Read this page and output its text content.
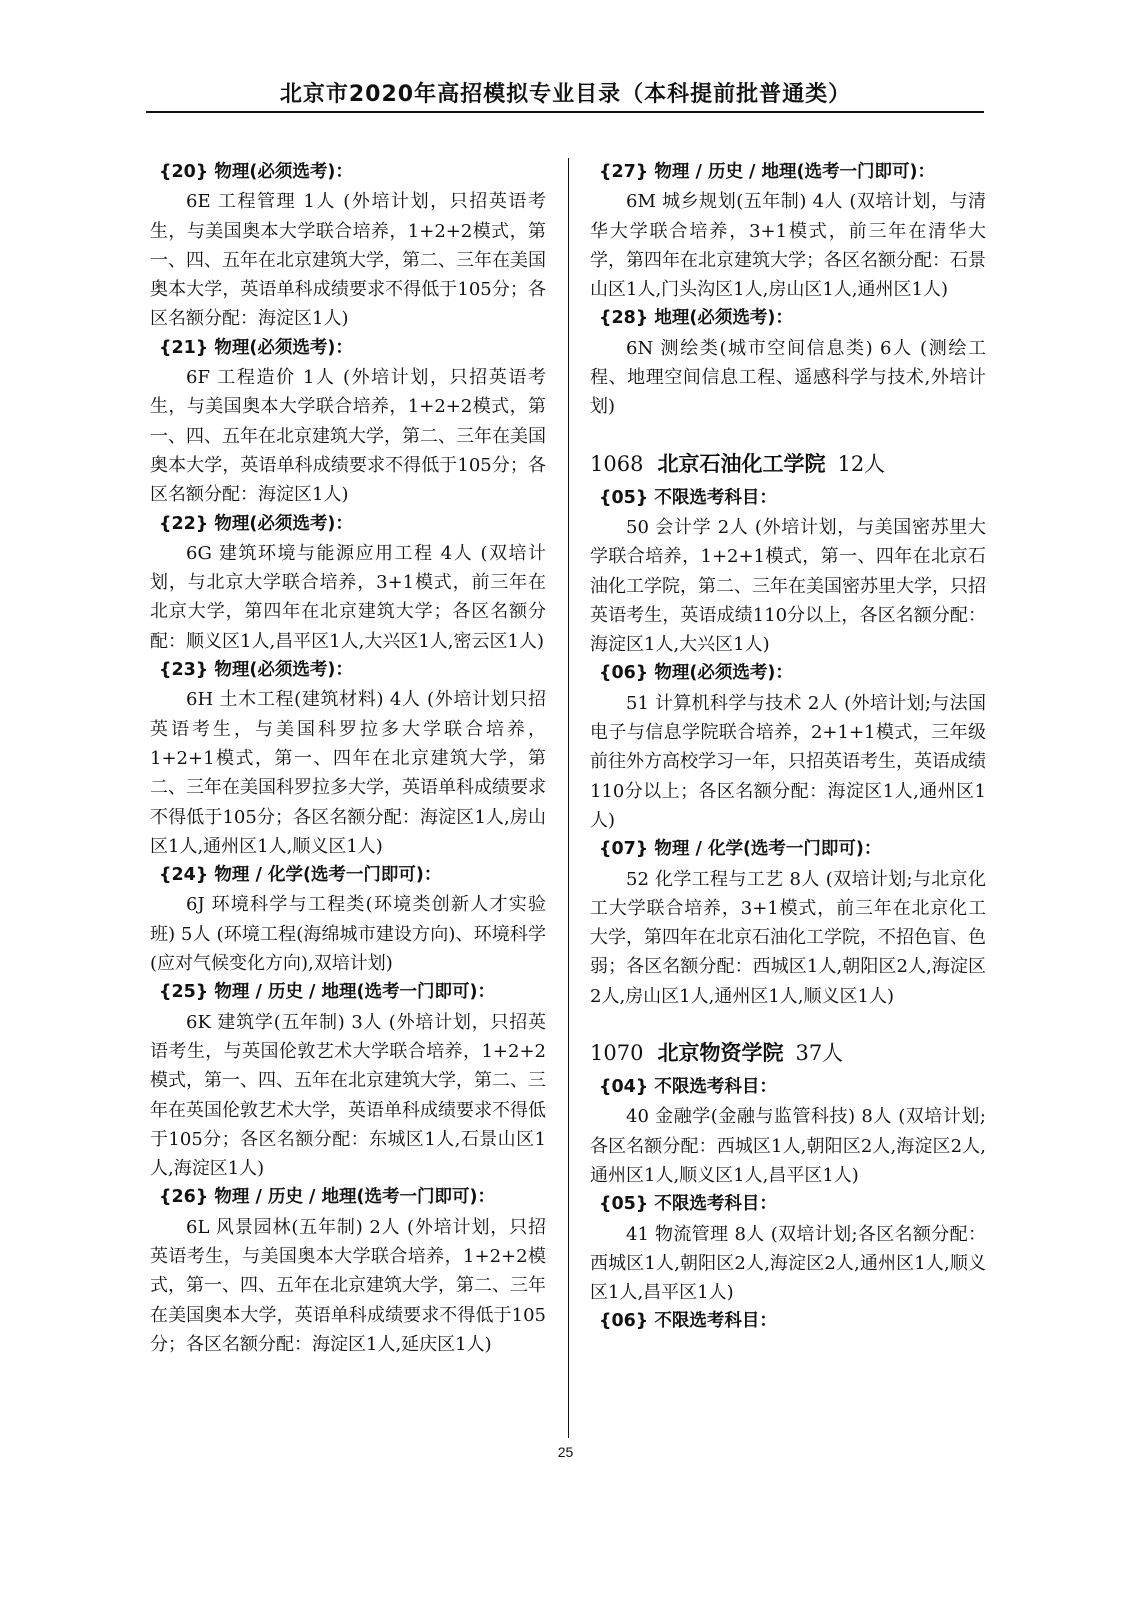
北京市2020年高招模拟专业目录（本科提前批普通类）
{20} 物理(必须选考)：
6E 工程管理 1人 (外培计划，只招英语考生，与美国奥本大学联合培养，1+2+2模式，第一、四、五年在北京建筑大学，第二、三年在美国奥本大学，英语单科成绩要求不得低于105分；各区名额分配：海淀区1人)
{21} 物理(必须选考)：
6F 工程造价 1人 (外培计划，只招英语考生，与美国奥本大学联合培养，1+2+2模式，第一、四、五年在北京建筑大学，第二、三年在美国奥本大学，英语单科成绩要求不得低于105分；各区名额分配：海淀区1人)
{22} 物理(必须选考)：
6G 建筑环境与能源应用工程 4人 (双培计划，与北京大学联合培养，3+1模式，前三年在北京大学，第四年在北京建筑大学；各区名额分配：顺义区1人,昌平区1人,大兴区1人,密云区1人)
{23} 物理(必须选考)：
6H 土木工程(建筑材料) 4人 (外培计划只招英语考生，与美国科罗拉多大学联合培养，1+2+1模式，第一、四年在北京建筑大学，第二、三年在美国科罗拉多大学，英语单科成绩要求不得低于105分；各区名额分配：海淀区1人,房山区1人,通州区1人,顺义区1人)
{24} 物理 / 化学(选考一门即可)：
6J 环境科学与工程类(环境类创新人才实验班) 5人 (环境工程(海绵城市建设方向)、环境科学(应对气候变化方向),双培计划)
{25} 物理 / 历史 / 地理(选考一门即可)：
6K 建筑学(五年制) 3人 (外培计划，只招英语考生，与英国伦敦艺术大学联合培养，1+2+2模式，第一、四、五年在北京建筑大学，第二、三年在英国伦敦艺术大学，英语单科成绩要求不得低于105分；各区名额分配：东城区1人,石景山区1人,海淀区1人)
{26} 物理 / 历史 / 地理(选考一门即可)：
6L 风景园林(五年制) 2人 (外培计划，只招英语考生，与美国奥本大学联合培养，1+2+2模式，第一、四、五年在北京建筑大学，第二、三年在美国奥本大学，英语单科成绩要求不得低于105分；各区名额分配：海淀区1人,延庆区1人)
{27} 物理 / 历史 / 地理(选考一门即可)：
6M 城乡规划(五年制) 4人 (双培计划，与清华大学联合培养，3+1模式，前三年在清华大学，第四年在北京建筑大学；各区名额分配：石景山区1人,门头沟区1人,房山区1人,通州区1人)
{28} 地理(必须选考)：
6N 测绘类(城市空间信息类) 6人 (测绘工程、地理空间信息工程、遥感科学与技术,外培计划)
1068 北京石油化工学院 12人
{05} 不限选考科目：
50 会计学 2人 (外培计划，与美国密苏里大学联合培养，1+2+1模式，第一、四年在北京石油化工学院，第二、三年在美国密苏里大学，只招英语考生，英语成绩110分以上，各区名额分配：海淀区1人,大兴区1人)
{06} 物理(必须选考)：
51 计算机科学与技术 2人 (外培计划;与法国电子与信息学院联合培养，2+1+1模式，三年级前往外方高校学习一年，只招英语考生，英语成绩110分以上；各区名额分配：海淀区1人,通州区1人)
{07} 物理 / 化学(选考一门即可)：
52 化学工程与工艺 8人 (双培计划;与北京化工大学联合培养，3+1模式，前三年在北京化工大学，第四年在北京石油化工学院，不招色盲、色弱；各区名额分配：西城区1人,朝阳区2人,海淀区2人,房山区1人,通州区1人,顺义区1人)
1070 北京物资学院 37人
{04} 不限选考科目：
40 金融学(金融与监管科技) 8人 (双培计划;各区名额分配：西城区1人,朝阳区2人,海淀区2人,通州区1人,顺义区1人,昌平区1人)
{05} 不限选考科目：
41 物流管理 8人 (双培计划;各区名额分配：西城区1人,朝阳区2人,海淀区2人,通州区1人,顺义区1人,昌平区1人)
{06} 不限选考科目：
25
